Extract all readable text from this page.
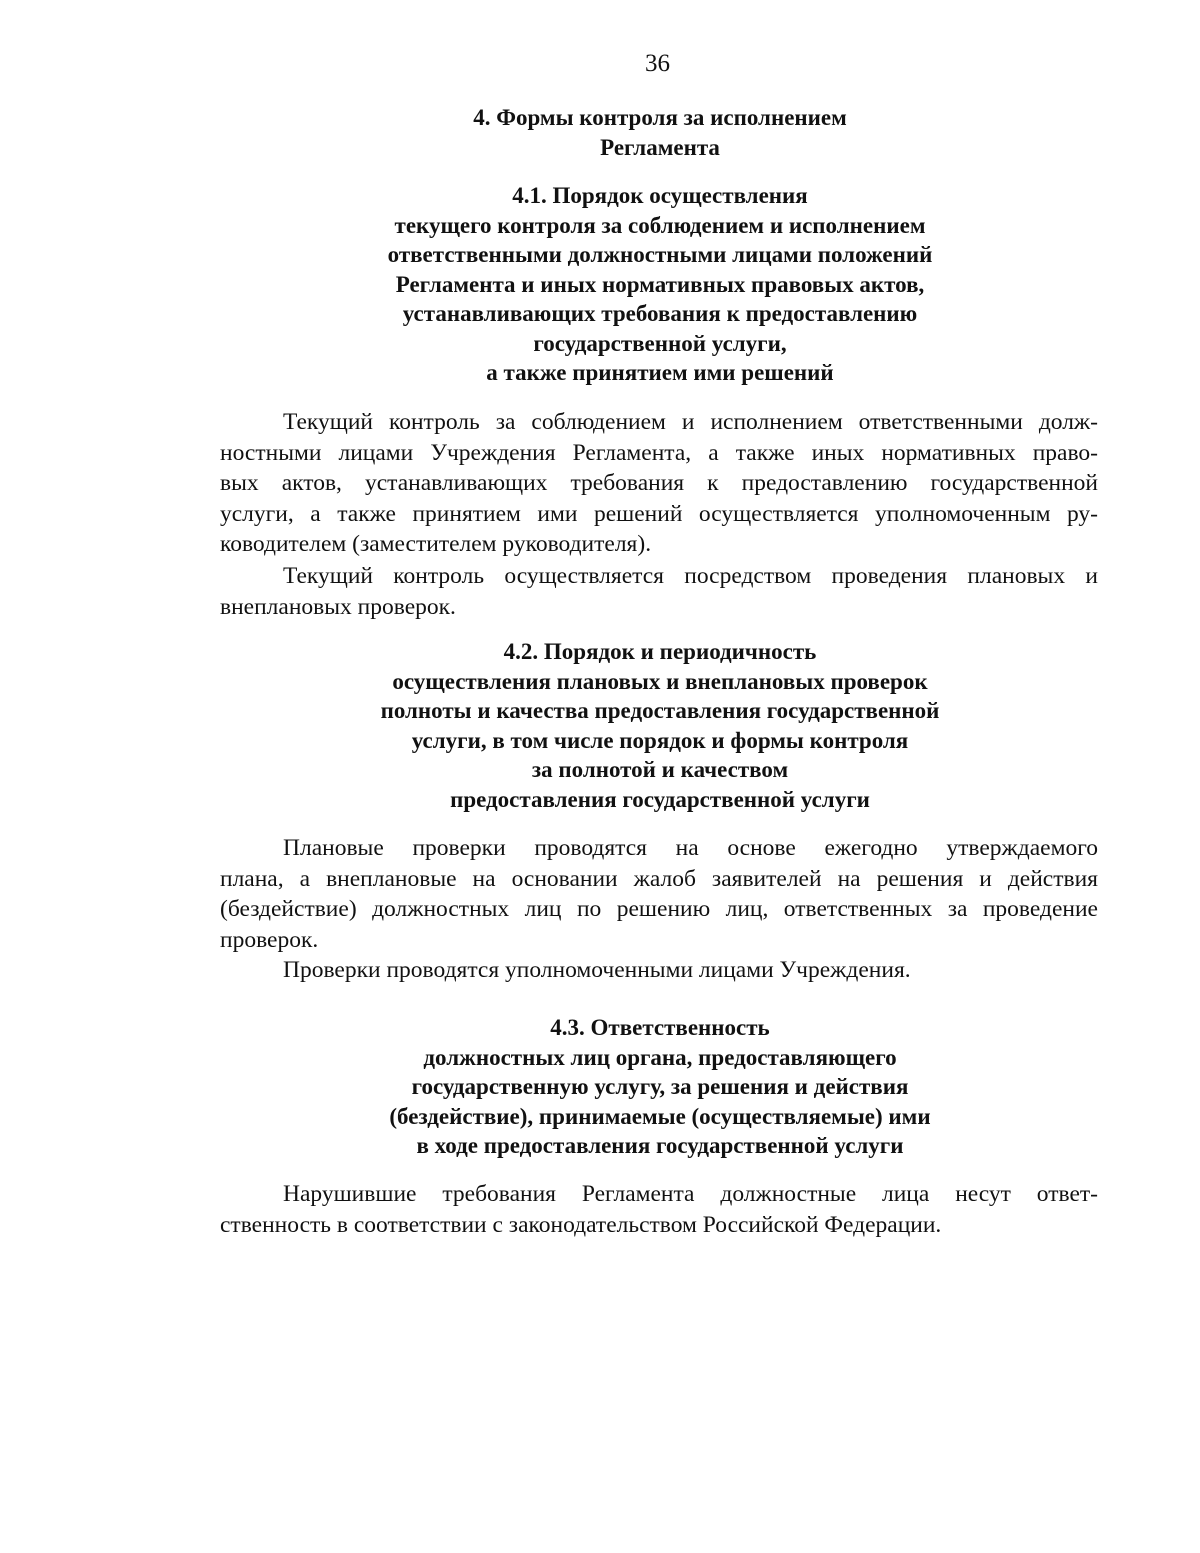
36
4. Формы контроля за исполнением
Регламента
4.1. Порядок осуществления
текущего контроля за соблюдением и исполнением
ответственными должностными лицами положений
Регламента и иных нормативных правовых актов,
устанавливающих требования к предоставлению
государственной услуги,
а также принятием ими решений
Текущий контроль за соблюдением и исполнением ответственными долж-
ностными лицами Учреждения Регламента, а также иных нормативных право-
вых актов, устанавливающих требования к предоставлению государственной
услуги, а также принятием ими решений осуществляется уполномоченным ру-
ководителем (заместителем руководителя).
Текущий контроль осуществляется посредством проведения плановых и
внеплановых проверок.
4.2. Порядок и периодичность
осуществления плановых и внеплановых проверок
полноты и качества предоставления государственной
услуги, в том числе порядок и формы контроля
за полнотой и качеством
предоставления государственной услуги
Плановые проверки проводятся на основе ежегодно утверждаемого
плана, а внеплановые на основании жалоб заявителей на решения и действия
(бездействие) должностных лиц по решению лиц, ответственных за проведение
проверок.
Проверки проводятся уполномоченными лицами Учреждения.
4.3. Ответственность
должностных лиц органа, предоставляющего
государственную услугу, за решения и действия
(бездействие), принимаемые (осуществляемые) ими
в ходе предоставления государственной услуги
Нарушившие требования Регламента должностные лица несут ответ-
ственность в соответствии с законодательством Российской Федерации.
